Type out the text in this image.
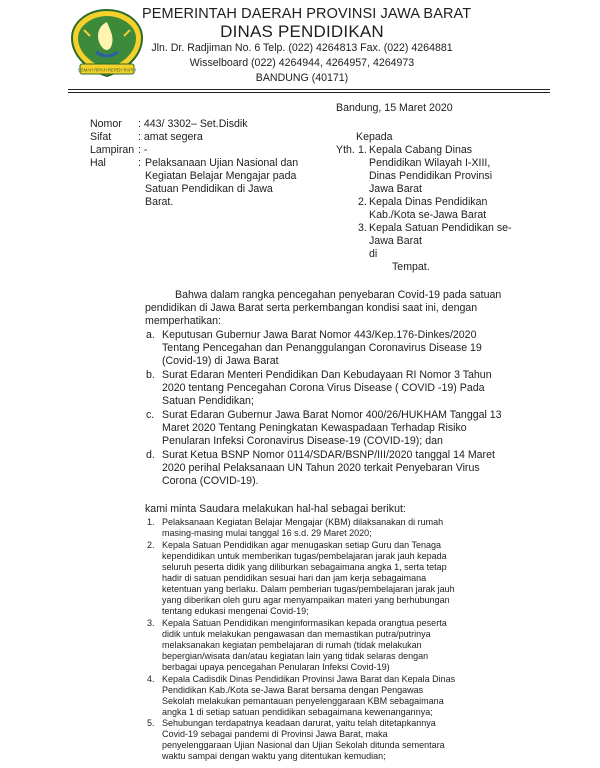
GEMAH RIPAH REPEH RAPIH
PEMERINTAH DAERAH PROVINSI JAWA BARAT
DINAS PENDIDIKAN
Jln. Dr. Radjiman No. 6 Telp. (022) 4264813 Fax. (022) 4264881
Wisselboard (022) 4264944, 4264957, 4264973
BANDUNG (40171)
Bandung, 15 Maret 2020
Nomor : 443/ 3302– Set.Disdik
Sifat	: amat segera
Lampiran : -
Hal	: Pelaksanaan Ujian Nasional dan
Kegiatan Belajar Mengajar pada
Satuan Pendidikan di Jawa
Barat.
Kepada
Yth. 1. Kepala Cabang Dinas
Pendidikan Wilayah I-XIII,
Dinas Pendidikan Provinsi
Jawa Barat
2. Kepala Dinas Pendidikan
Kab./Kota se-Jawa Barat
3. Kepala Satuan Pendidikan se-
Jawa Barat
di
Tempat.
Bahwa dalam rangka pencegahan penyebaran Covid-19 pada satuan
pendidikan di Jawa Barat serta perkembangan kondisi saat ini, dengan
memperhatikan:
a. Keputusan Gubernur Jawa Barat Nomor 443/Kep.176-Dinkes/2020
Tentang Pencegahan dan Penanggulangan Coronavirus Disease 19
(Covid-19) di Jawa Barat
b. Surat Edaran Menteri Pendidikan Dan Kebudayaan RI Nomor 3 Tahun
2020 tentang Pencegahan Corona Virus Disease ( COVID -19) Pada
Satuan Pendidikan;
c. Surat Edaran Gubernur Jawa Barat Nomor 400/26/HUKHAM Tanggal 13
Maret 2020 Tentang Peningkatan Kewaspadaan Terhadap Risiko
Penularan Infeksi Coronavirus Disease-19 (COVID-19); dan
d. Surat Ketua BSNP Nomor 0114/SDAR/BSNP/III/2020 tanggal 14 Maret
2020 perihal Pelaksanaan UN Tahun 2020 terkait Penyebaran Virus
Corona (COVID-19).
kami minta Saudara melakukan hal-hal sebagai berikut:
1. Pelaksanaan Kegiatan Belajar Mengajar (KBM) dilaksanakan di rumah
masing-masing mulai tanggal 16 s.d. 29 Maret 2020;
2. Kepala Satuan Pendidikan agar menugaskan setiap Guru dan Tenaga
kependidikan untuk memberikan tugas/pembelajaran jarak jauh kepada
seluruh peserta didik yang diliburkan sebagaimana angka 1, serta tetap
hadir di satuan pendidikan sesuai hari dan jam kerja sebagaimana
ketentuan yang berlaku. Dalam pemberian tugas/pembelajaran jarak jauh
yang diberikan oleh guru agar menyampaikan materi yang berhubungan
tentang edukasi mengenai Covid-19;
3. Kepala Satuan Pendidikan menginformasikan kepada orangtua peserta
didik untuk melakukan pengawasan dan memastikan putra/putrinya
melaksanakan kegiatan pembelajaran di rumah (tidak melakukan
bepergian/wisata dan/atau kegiatan lain yang tidak selaras dengan
berbagai upaya pencegahan Penularan Infeksi Covid-19)
4. Kepala Cadisdik Dinas Pendidikan Provinsi Jawa Barat dan Kepala Dinas
Pendidikan Kab./Kota se-Jawa Barat bersama dengan Pengawas
Sekolah melakukan pemantauan penyelenggaraan KBM sebagaimana
angka 1 di setiap satuan pendidikan sebagaimana kewenangannya;
5. Sehubungan terdapatnya keadaan darurat, yaitu telah ditetapkannya
Covid-19 sebagai pandemi di Provinsi Jawa Barat, maka
penyelenggaraan Ujian Nasional dan Ujian Sekolah ditunda sementara
waktu sampai dengan waktu yang ditentukan kemudian;
